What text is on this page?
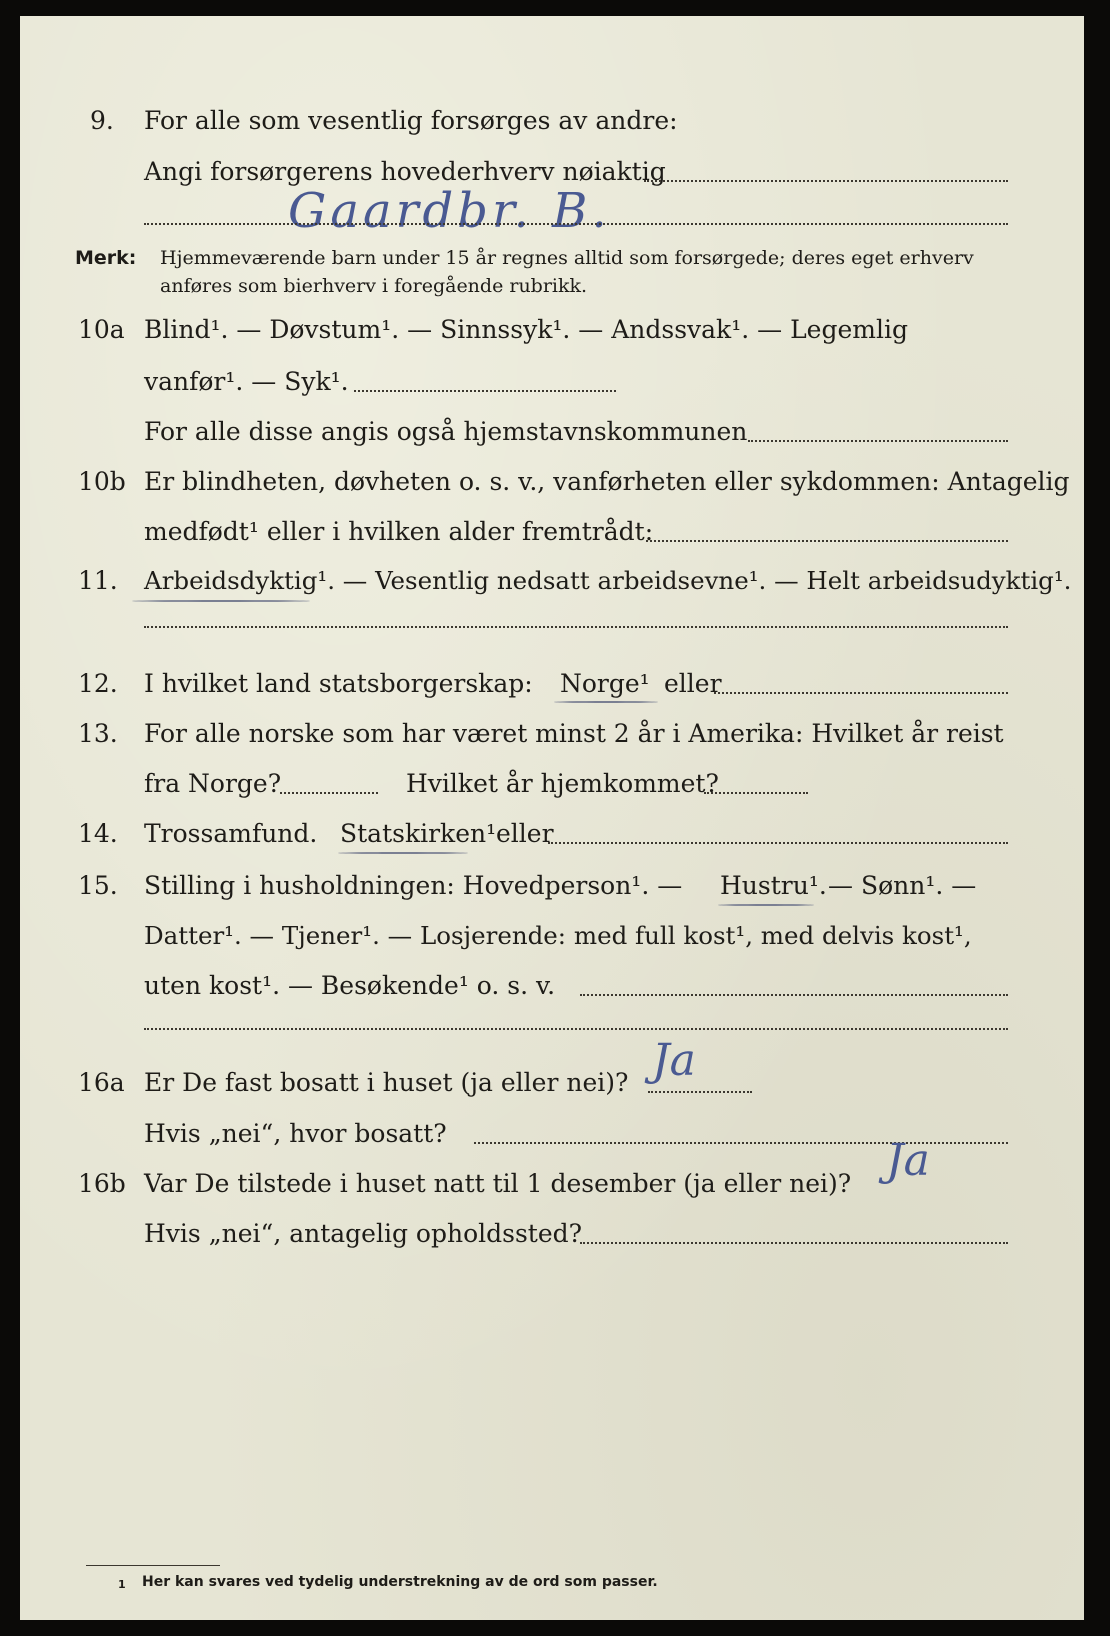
9.	For alle som vesentlig forsørges av andre:
Angi forsørgerens hovederhverv nøiaktig
Gaardbr. B.
Merk: Hjemmeværende barn under 15 år regnes alltid som forsørgede; deres eget erhverv
anføres som bierhverv i foregående rubrikk.
10a Blind¹. — Døvstum¹. — Sinnssyk¹. — Andssvak¹. — Legemlig
vanfør¹. — Syk¹.
For alle disse angis også hjemstavnskommunen
10b Er blindheten, døvheten o. s. v., vanførheten eller sykdommen: Antagelig
medfødt¹ eller i hvilken alder fremtrådt:
11.	Arbeidsdyktig¹. — Vesentlig nedsatt arbeidsevne¹. — Helt arbeidsudyktig¹.
12.	I hvilket land statsborgerskap: Norge¹ eller
13.	For alle norske som har været minst 2 år i Amerika: Hvilket år reist
fra Norge?	Hvilket år hjemkommet?
14.	Trossamfund. Statskirken¹ eller
15.	Stilling i husholdningen: Hovedperson¹. — Hustru¹. — Sønn¹. —
Datter¹. — Tjener¹. — Losjerende: med full kost¹, med delvis kost¹,
uten kost¹. — Besøkende¹ o. s. v.
16a Er De fast bosatt i huset (ja eller nei)? Ja
Hvis „nei“, hvor bosatt?
16b Var De tilstede i huset natt til 1 desember (ja eller nei)? Ja
Hvis „nei“, antagelig opholdssted?
1 Her kan svares ved tydelig understrekning av de ord som passer.
